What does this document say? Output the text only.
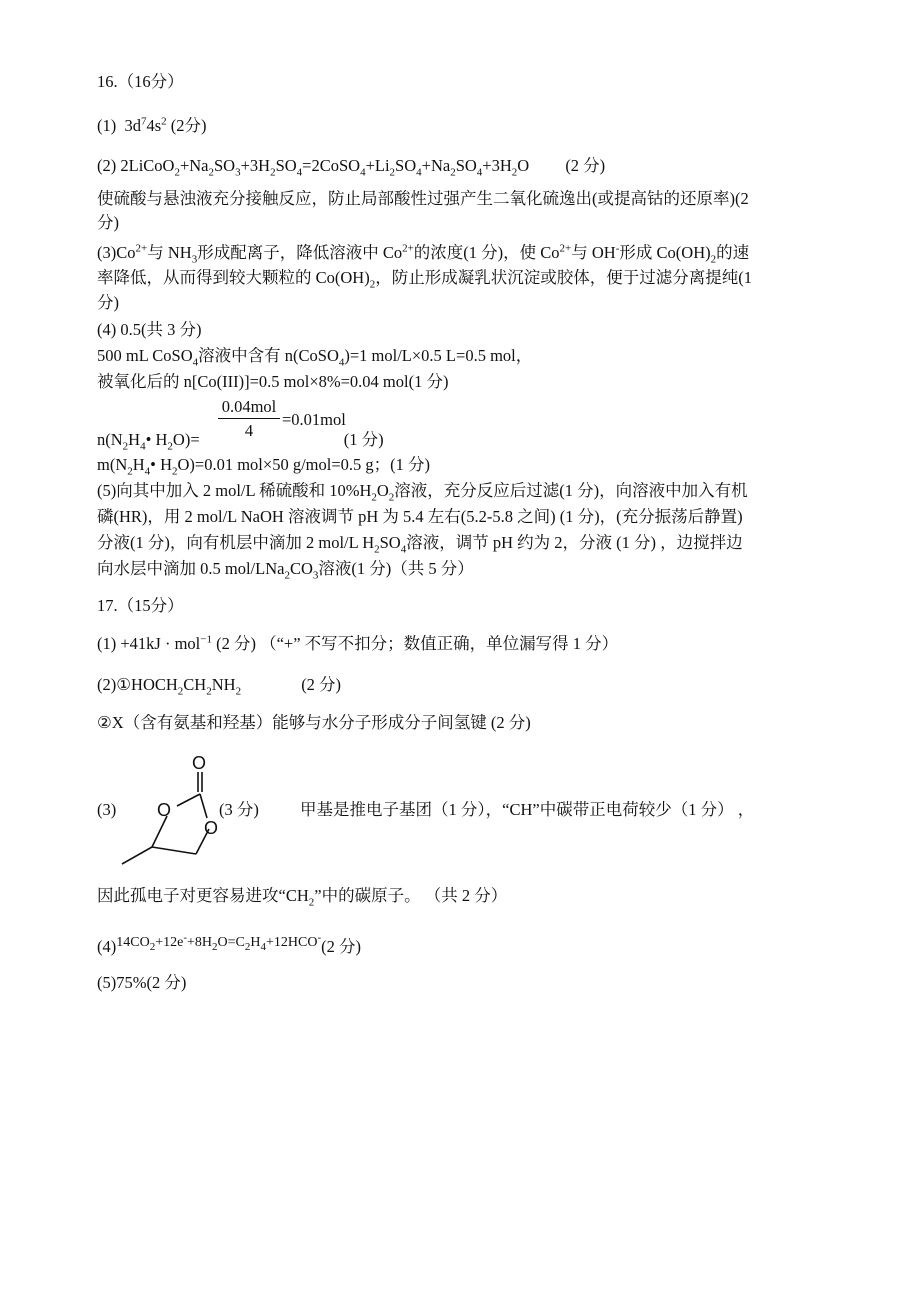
16.（16分）
(1) $3d^74s^2$ (2分)
(2) $2LiCoO_2+Na_2SO_3+3H_2SO_4=2CoSO_4+Li_2SO_4+Na_2SO_4+3H_2O$ (2 分)
使硫酸与悬浊液充分接触反应，防止局部酸性过强产生二氧化硫逸出(或提高钴的还原率)(2
分)
$(3)Co^{2+}$与 $NH_3$形成配离子，降低溶液中 $Co^{2+}$的浓度(1 分)，使 $Co^{2+}$与 OH-形成 $Co(OH)_2$的速
率降低，从而得到较大颗粒的 $Co(OH)_2$，防止形成凝乳状沉淀或胶体，便于过滤分离提纯(1
分)
(4) 0.5(共 3 分)
500 mL CoSO$_4$溶液中含有 n(CoSO$_4$)=1 mol/L×0.5 L=0.5 mol，
被氧化后的 n[Co(III)]=0.5 mol×8%=0.04 mol(1 分)
0.04mol
4
=0.01mol
$n(N_2H_4•$ $H_2O)=$	(1 分)
$m(N_2H_4•$ $H_2O)=0.01$ mol×50 g/mol=0.5 g；(1 分)
(5)向其中加入 2 mol/L 稀硫酸和 $10\%H_2O_2$溶液，充分反应后过滤(1 分)，向溶液中加入有机
磷(HR)，用 2 mol/L NaOH 溶液调节 pH 为 5.4 左右(5.2-5.8 之间) (1 分)，(充分振荡后静置)
分液(1 分)，向有机层中滴加 2 mol/L $H_2SO_4$溶液，调节 pH 约为 2，分液 (1 分) ，边搅拌边
向水层中滴加 0.5 mol/$LNa_2CO_3$溶液(1 分)（共 5 分）
17.（15分）
(1) +41kJ · mol$^{-1}$ (2 分) （“+” 不写不扣分；数值正确，单位漏写得 1 分）
$(2)①HOCH_2CH_2NH_2$	(2 分)
②X（含有氨基和羟基）能够与水分子形成分子间氢键 (2 分)
(3)
O
O
O
(3 分) 甲基是推电子基团（1 分），“CH”中碳带正电荷较少（1 分） ，
因此孤电子对更容易进攻“$CH_2$”中的碳原子。 （共 2 分）
$(4)^{14CO_2+12e^-+8H_2O=C_2H_4+12HCO^-}(2$ 分)
(5)75%(2 分)
